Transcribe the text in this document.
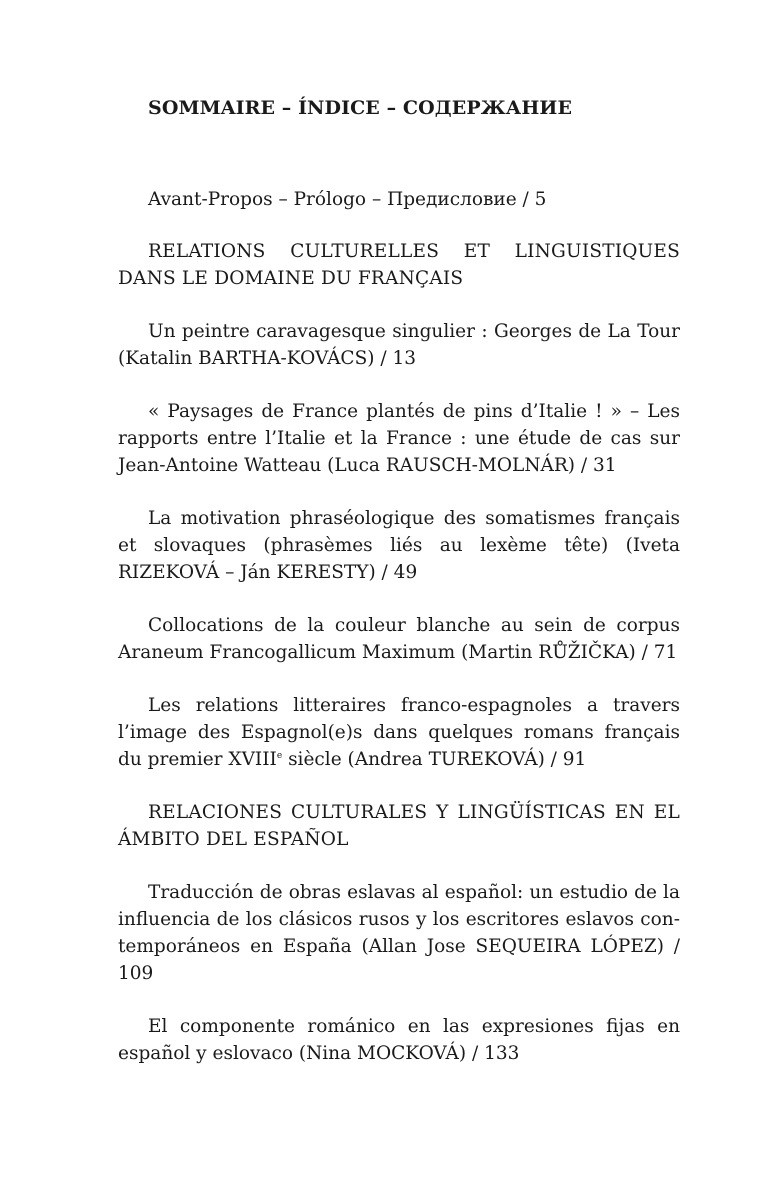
SOMMAIRE – ÍNDICE – СОДЕРЖАНИЕ

Avant-Propos – Prólogo – Предисловие / 5

RELATIONS CULTURELLES ET LINGUISTIQUES DANS LE DOMAINE DU FRANÇAIS

Un peintre caravagesque singulier : Georges de La Tour (Katalin BARTHA-KOVÁCS) / 13

« Paysages de France plantés de pins d’Italie ! » – Les rapports entre l’Italie et la France : une étude de cas sur Jean-Antoine Watteau (Luca RAUSCH-MOLNÁR) / 31

La motivation phraséologique des somatismes français et slovaques (phrasèmes liés au lexème tête) (Iveta RIZEKOVÁ – Ján KERESTY) / 49

Collocations de la couleur blanche au sein de corpus Araneum Francogallicum Maximum (Martin RŮŽIČKA) / 71

Les relations litteraires franco-espagnoles a travers l’image des Espagnol(e)s dans quelques romans français du premier XVIIIe siècle (Andrea TUREKOVÁ) / 91

RELACIONES CULTURALES Y LINGÜÍSTICAS EN EL ÁMBITO DEL ESPAÑOL

Traducción de obras eslavas al español: un estudio de la influencia de los clásicos rusos y los escritores eslavos contemporáneos en España (Allan Jose SEQUEIRA LÓPEZ) / 109

El componente románico en las expresiones fijas en español y eslovaco (Nina MOCKOVÁ) / 133
